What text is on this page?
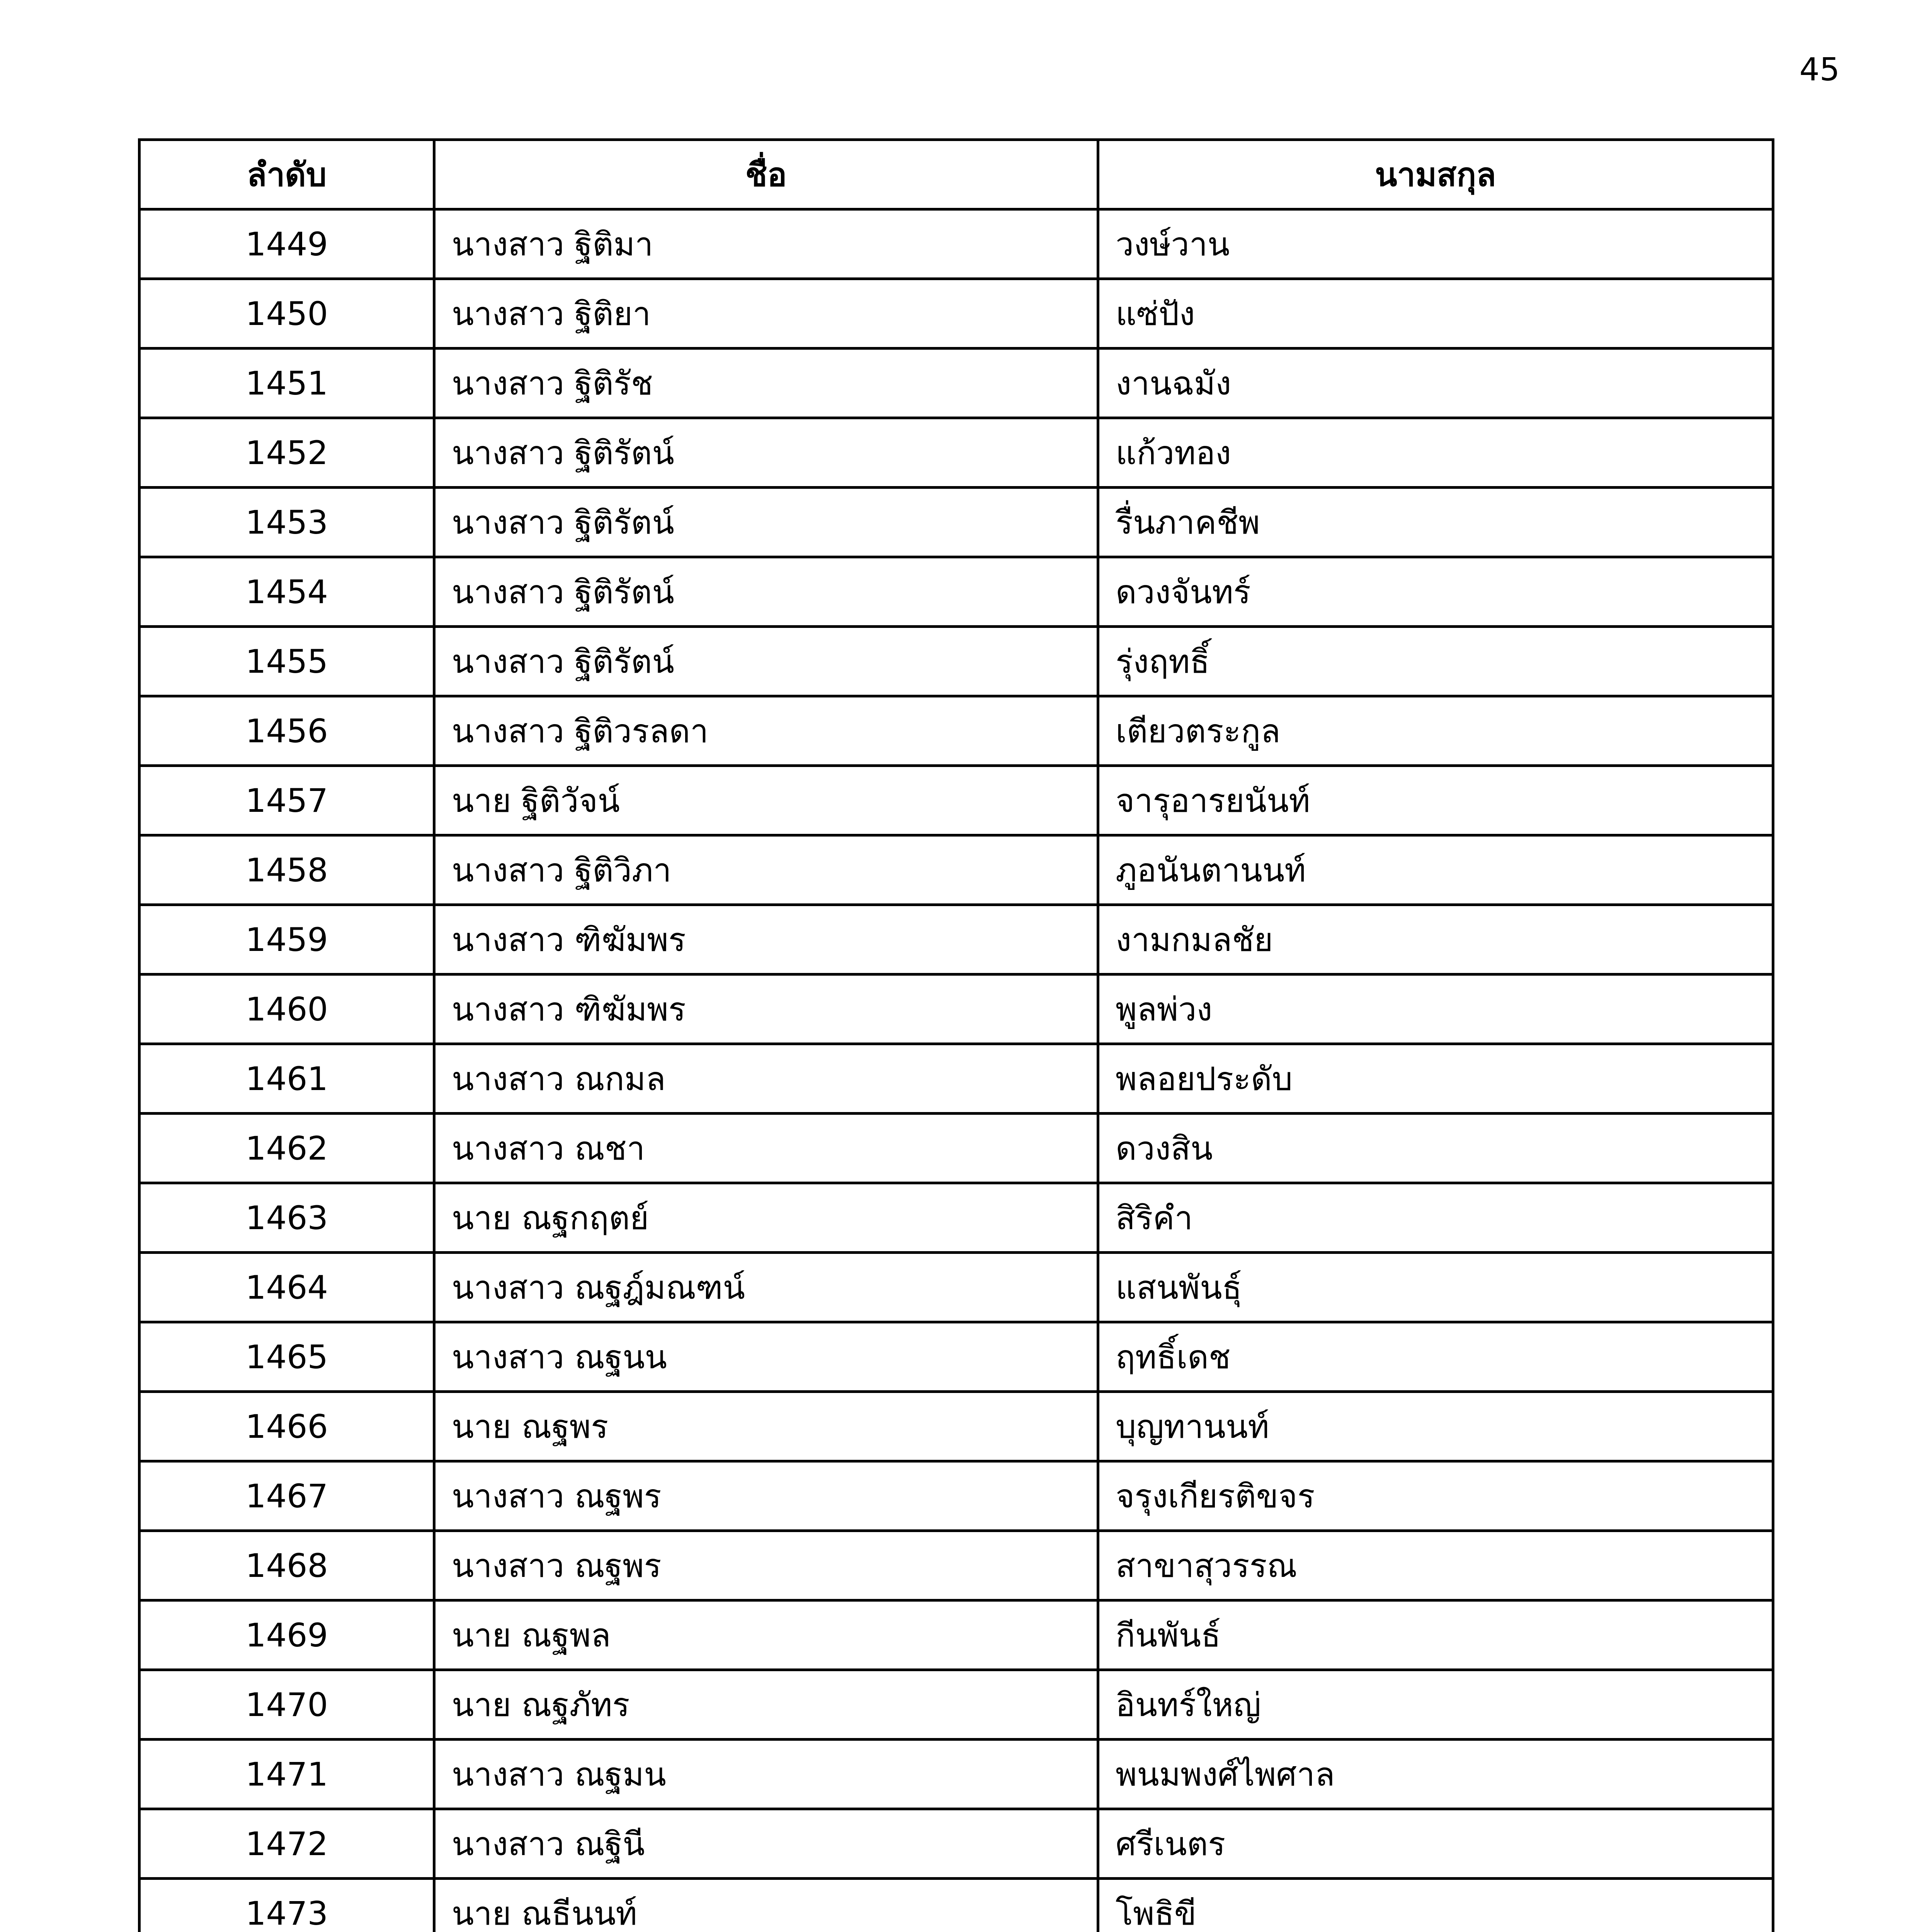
45
ลำดับ	ชื่อ	นามสกุล
1449	นางสาว ฐิติมา	วงษ์วาน
1450	นางสาว ฐิติยา	แซ่ปัง
1451	นางสาว ฐิติรัช	งานฉมัง
1452	นางสาว ฐิติรัตน์	แก้วทอง
1453	นางสาว ฐิติรัตน์	รื่นภาคชีพ
1454	นางสาว ฐิติรัตน์	ดวงจันทร์
1455	นางสาว ฐิติรัตน์	รุ่งฤทธิ์
1456	นางสาว ฐิติวรลดา	เตียวตระกูล
1457	นาย ฐิติวัจน์	จารุอารยนันท์
1458	นางสาว ฐิติวิภา	ภูอนันตานนท์
1459	นางสาว ฑิฆัมพร	งามกมลชัย
1460	นางสาว ฑิฆัมพร	พูลพ่วง
1461	นางสาว ณกมล	พลอยประดับ
1462	นางสาว ณชา	ดวงสิน
1463	นาย ณฐกฤตย์	สิริคำ
1464	นางสาว ณฐฎ์มณฑน์	แสนพันธุ์
1465	นางสาว ณฐนน	ฤทธิ์เดช
1466	นาย ณฐพร	บุญทานนท์
1467	นางสาว ณฐพร	จรุงเกียรติขจร
1468	นางสาว ณฐพร	สาขาสุวรรณ
1469	นาย ณฐพล	กีนพันธ์
1470	นาย ณฐภัทร	อินทร์ใหญ่
1471	นางสาว ณฐมน	พนมพงศ์ไพศาล
1472	นางสาว ณฐินี	ศรีเนตร
1473	นาย ณธีนนท์	โพธิขี
